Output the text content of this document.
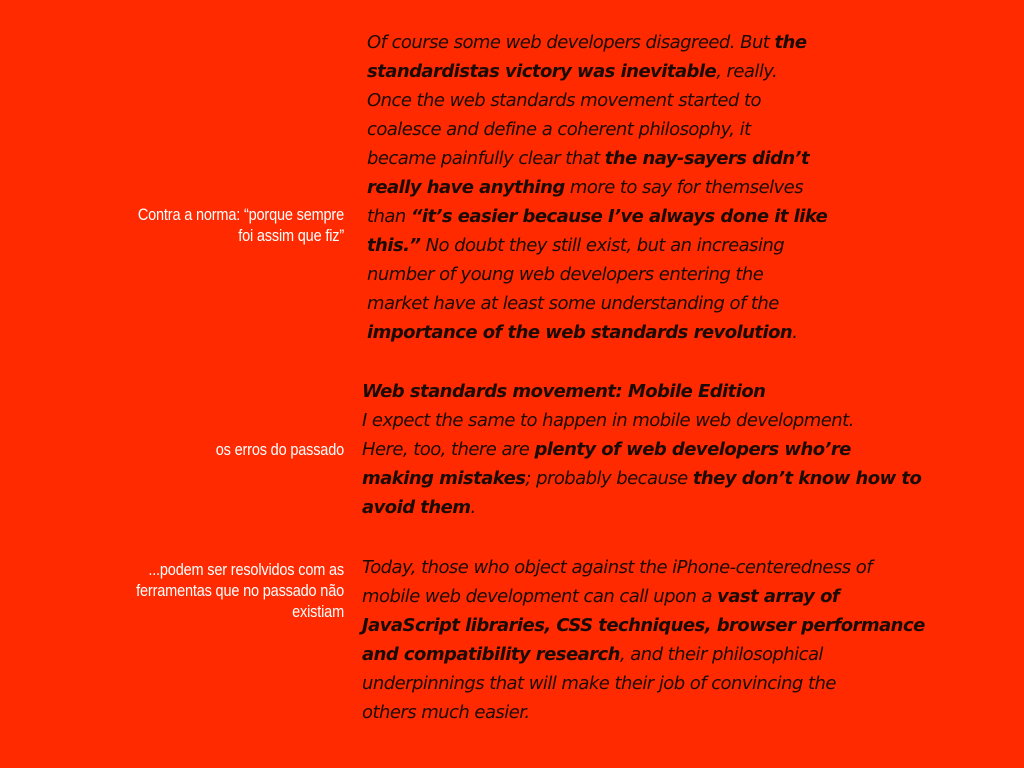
Contra a norma: “porque sempre
foi assim que fiz”
os erros do passado
...podem ser resolvidos com as
ferramentas que no passado não
existiam
Of course some web developers disagreed. But the
standardistas victory was inevitable, really.
Once the web standards movement started to
coalesce and define a coherent philosophy, it
became painfully clear that the nay-sayers didn’t
really have anything more to say for themselves
than “it’s easier because I’ve always done it like
this.” No doubt they still exist, but an increasing
number of young web developers entering the
market have at least some understanding of the
importance of the web standards revolution.
Web standards movement: Mobile Edition
I expect the same to happen in mobile web development.
Here, too, there are plenty of web developers who’re
making mistakes; probably because they don’t know how to
avoid them.
Today, those who object against the iPhone-centeredness of
mobile web development can call upon a vast array of
JavaScript libraries, CSS techniques, browser performance
and compatibility research, and their philosophical
underpinnings that will make their job of convincing the
others much easier.
